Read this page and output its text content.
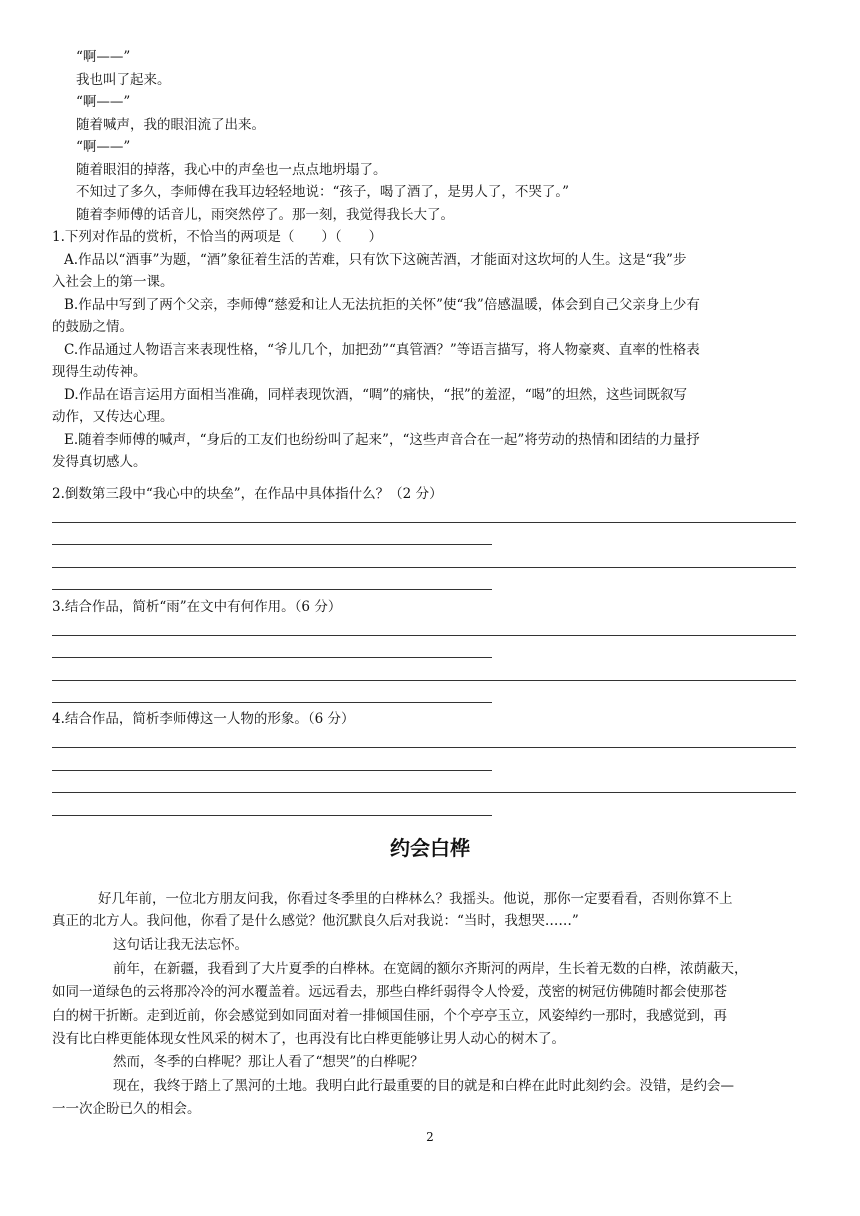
“啊——”
我也叫了起来。
“啊——”
随着喊声，我的眼泪流了出来。
“啊——”
随着眼泪的掉落，我心中的声垒也一点点地坍塌了。
不知过了多久，李师傅在我耳边轻轻地说：“孩子，喝了酒了，是男人了，不哭了。”
随着李师傅的话音儿，雨突然停了。那一刻，我觉得我长大了。
1.下列对作品的赏析，不恰当的两项是（　　）（　　）
A.作品以“酒事”为题，“酒”象征着生活的苦难，只有饮下这碗苦酒，才能面对这坎坷的人生。这是“我”步
入社会上的第一课。
B.作品中写到了两个父亲，李师傅“慈爱和让人无法抗拒的关怀”使“我”倍感温暖，体会到自己父亲身上少有
的鼓励之情。
C.作品通过人物语言来表现性格，“爷儿几个，加把劲”“真管酒？”等语言描写，将人物豪爽、直率的性格表
现得生动传神。
D.作品在语言运用方面相当准确，同样表现饮酒，“啁”的痛快，“抿”的羞涩，“喝”的坦然，这些词既叙写
动作，又传达心理。
E.随着李师傅的喊声，“身后的工友们也纷纷叫了起来”，“这些声音合在一起”将劳动的热情和团结的力量抒
发得真切感人。
2.倒数第三段中“我心中的块垒”，在作品中具体指什么？（2 分）
3.结合作品，简析“雨”在文中有何作用。（6 分）
4.结合作品，简析李师傅这一人物的形象。（6 分）
约会白桦
好几年前，一位北方朋友问我，你看过冬季里的白桦林么？我摇头。他说，那你一定要看看，否则你算不上
真正的北方人。我问他，你看了是什么感觉？他沉默良久后对我说：“当时，我想哭……”
这句话让我无法忘怀。
前年，在新疆，我看到了大片夏季的白桦林。在宽阔的额尔齐斯河的两岸，生长着无数的白桦，浓荫蔽天，
如同一道绿色的云将那冷冷的河水覆盖着。远远看去，那些白桦纤弱得令人怜爱，茂密的树冠仿佛随时都会使那苍
白的树干折断。走到近前，你会感觉到如同面对着一排倾国佳丽，个个亭亭玉立，风姿绰约一那时，我感觉到，再
没有比白桦更能体现女性风采的树木了，也再没有比白桦更能够让男人动心的树木了。
然而，冬季的白桦呢？那让人看了“想哭”的白桦呢？
现在，我终于踏上了黑河的土地。我明白此行最重要的目的就是和白桦在此时此刻约会。没错，是约会—
一一次企盼已久的相会。
2
